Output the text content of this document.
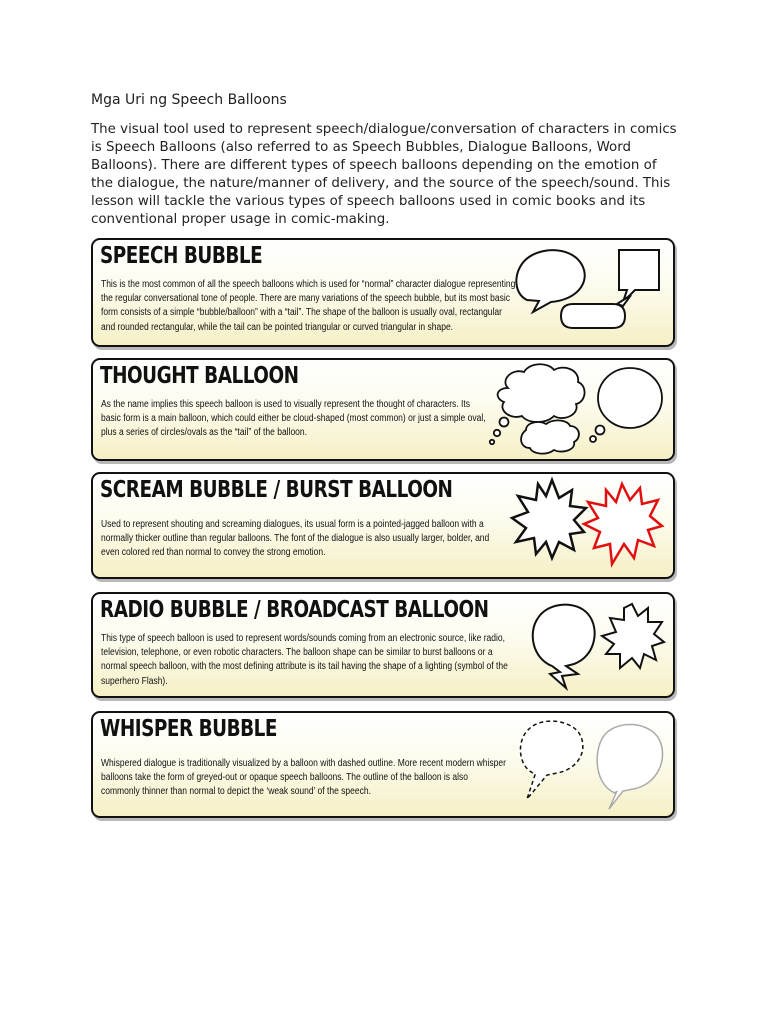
Mga Uri ng Speech Balloons
The visual tool used to represent speech/dialogue/conversation of characters in comics is Speech Balloons (also referred to as Speech Bubbles, Dialogue Balloons, Word Balloons). There are different types of speech balloons depending on the emotion of the dialogue, the nature/manner of delivery, and the source of the speech/sound. This lesson will tackle the various types of speech balloons used in comic books and its conventional proper usage in comic-making.
SPEECH BUBBLE
This is the most common of all the speech balloons which is used for “normal” character dialogue representing the regular conversational tone of people. There are many variations of the speech bubble, but its most basic form consists of a simple “bubble/balloon” with a “tail”. The shape of the balloon is usually oval, rectangular and rounded rectangular, while the tail can be pointed triangular or curved triangular in shape.
THOUGHT BALLOON
As the name implies this speech balloon is used to visually represent the thought of characters. Its basic form is a main balloon, which could either be cloud-shaped (most common) or just a simple oval, plus a series of circles/ovals as the “tail” of the balloon.
SCREAM BUBBLE / BURST BALLOON
Used to represent shouting and screaming dialogues, its usual form is a pointed-jagged balloon with a normally thicker outline than regular balloons. The font of the dialogue is also usually larger, bolder, and even colored red than normal to convey the strong emotion.
RADIO BUBBLE / BROADCAST BALLOON
This type of speech balloon is used to represent words/sounds coming from an electronic source, like radio, television, telephone, or even robotic characters. The balloon shape can be similar to burst balloons or a normal speech balloon, with the most defining attribute is its tail having the shape of a lighting (symbol of the superhero Flash).
WHISPER BUBBLE
Whispered dialogue is traditionally visualized by a balloon with dashed outline. More recent modern whisper balloons take the form of greyed-out or opaque speech balloons. The outline of the balloon is also commonly thinner than normal to depict the ‘weak sound’ of the speech.
